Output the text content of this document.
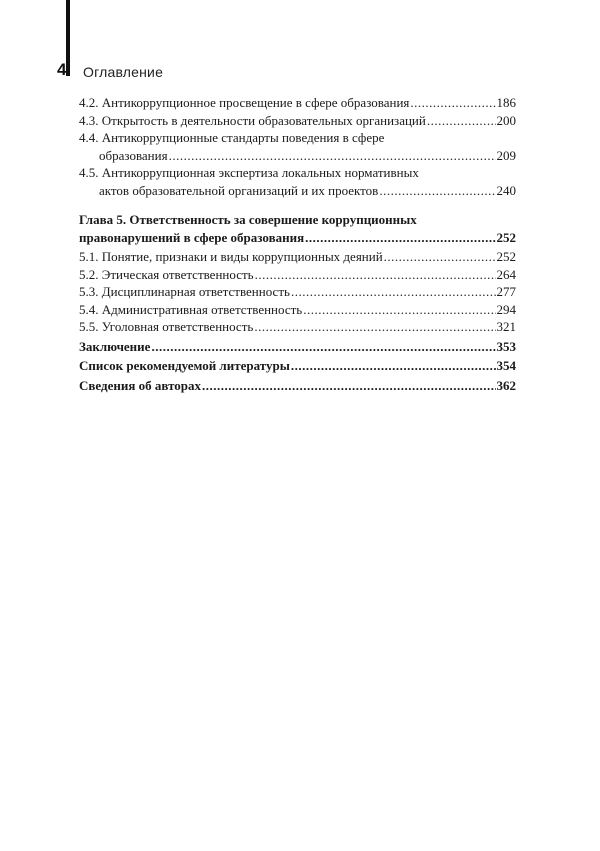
4 Оглавление
4.2. Антикоррупционное просвещение в сфере образования .....	186
4.3. Открытость в деятельности образовательных организаций .....	200
4.4. Антикоррупционные стандарты поведения в сфере
образования .....	209
4.5. Антикоррупционная экспертиза локальных нормативных
актов образовательной организаций и их проектов .....	240
Глава 5. Ответственность за совершение коррупционных
правонарушений в сфере образования .....	252
5.1. Понятие, признаки и виды коррупционных деяний .....	252
5.2. Этическая ответственность .....	264
5.3. Дисциплинарная ответственность .....	277
5.4. Административная ответственность .....	294
5.5. Уголовная ответственность .....	321
Заключение .....	353
Список рекомендуемой литературы .....	354
Сведения об авторах .....	362
